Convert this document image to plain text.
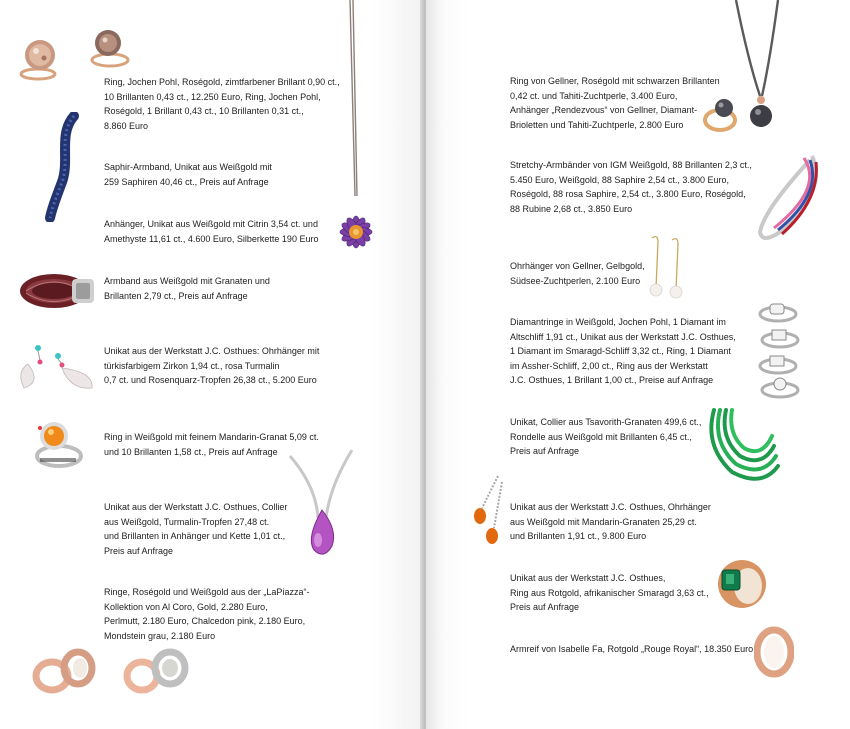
Ring, Jochen Pohl, Roségold, zimtfarbener Brillant 0,90 ct.,
10 Brillanten 0,43 ct., 12.250 Euro, Ring, Jochen Pohl,
Roségold, 1 Brillant 0,43 ct., 10 Brillanten 0,31 ct.,
8.860 Euro

Saphir-Armband, Unikat aus Weißgold mit
259 Saphiren 40,46 ct., Preis auf Anfrage

Anhänger, Unikat aus Weißgold mit Citrin 3,54 ct. und
Amethyste 11,61 ct., 4.600 Euro, Silberkette 190 Euro

Armband aus Weißgold mit Granaten und
Brillanten 2,79 ct., Preis auf Anfrage

Unikat aus der Werkstatt J.C. Osthues: Ohrhänger mit
türkisfarbigem Zirkon 1,94 ct., rosa Turmalin
0,7 ct. und Rosenquarz-Tropfen 26,38 ct., 5.200 Euro

Ring in Weißgold mit feinem Mandarin-Granat 5,09 ct.
und 10 Brillanten 1,58 ct., Preis auf Anfrage

Unikat aus der Werkstatt J.C. Osthues, Collier
aus Weißgold, Turmalin-Tropfen 27,48 ct.
und Brillanten in Anhänger und Kette 1,01 ct.,
Preis auf Anfrage

Ringe, Roségold und Weißgold aus der „LaPiazza“-
Kollektion von Al Coro, Gold, 2.280 Euro,
Perlmutt, 2.180 Euro, Chalcedon pink, 2.180 Euro,
Mondstein grau, 2.180 Euro

Ring von Gellner, Roségold mit schwarzen Brillanten
0,42 ct. und Tahiti-Zuchtperle, 3.400 Euro,
Anhänger „Rendezvous“ von Gellner, Diamant-
Brioletten und Tahiti-Zuchtperle, 2.800 Euro

Stretchy-Armbänder von IGM Weißgold, 88 Brillanten 2,3 ct.,
5.450 Euro, Weißgold, 88 Saphire 2,54 ct., 3.800 Euro,
Roségold, 88 rosa Saphire, 2,54 ct., 3.800 Euro, Roségold,
88 Rubine 2,68 ct., 3.850 Euro

Ohrhänger von Gellner, Gelbgold,
Südsee-Zuchtperlen, 2.100 Euro

Diamantringe in Weißgold, Jochen Pohl, 1 Diamant im
Altschliff 1,91 ct., Unikat aus der Werkstatt J.C. Osthues,
1 Diamant im Smaragd-Schliff 3,32 ct., Ring, 1 Diamant
im Assher-Schliff, 2,00 ct., Ring aus der Werkstatt
J.C. Osthues, 1 Brillant 1,00 ct., Preise auf Anfrage

Unikat, Collier aus Tsavorith-Granaten 499,6 ct.,
Rondelle aus Weißgold mit Brillanten 6,45 ct.,
Preis auf Anfrage

Unikat aus der Werkstatt J.C. Osthues, Ohrhänger
aus Weißgold mit Mandarin-Granaten 25,29 ct.
und Brillanten 1,91 ct., 9.800 Euro

Unikat aus der Werkstatt J.C. Osthues,
Ring aus Rotgold, afrikanischer Smaragd 3,63 ct.,
Preis auf Anfrage

Armreif von Isabelle Fa, Rotgold „Rouge Royal“, 18.350 Euro
